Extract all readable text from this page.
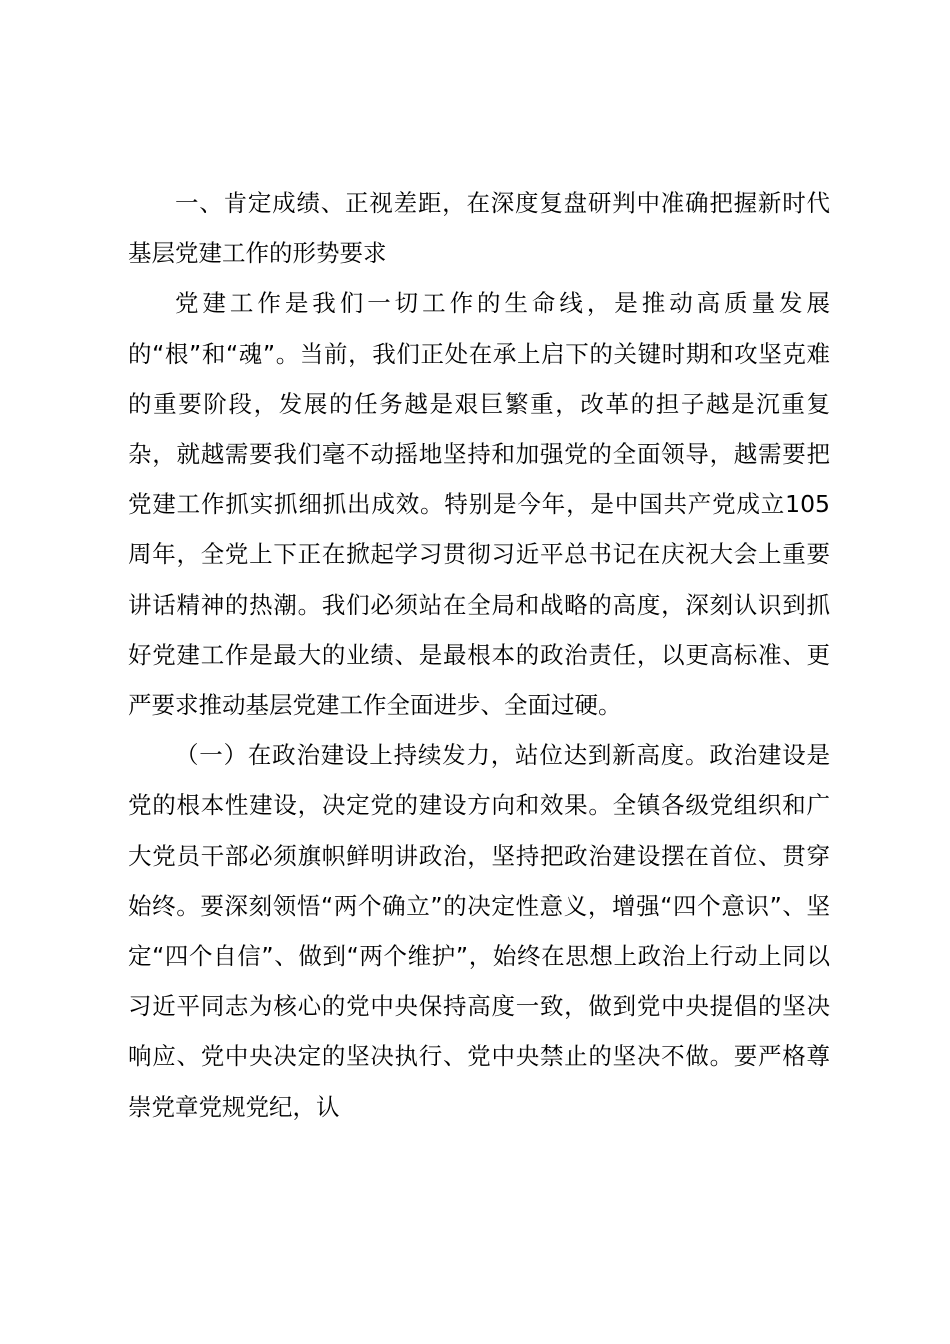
一、肯定成绩、正视差距，在深度复盘研判中准确把握新时代基层党建工作的形势要求

党建工作是我们一切工作的生命线，是推动高质量发展的“根”和“魂”。当前，我们正处在承上启下的关键时期和攻坚克难的重要阶段，发展的任务越是艰巨繁重，改革的担子越是沉重复杂，就越需要我们毫不动摇地坚持和加强党的全面领导，越需要把党建工作抓实抓细抓出成效。特别是今年，是中国共产党成立105周年，全党上下正在掀起学习贯彻习近平总书记在庆祝大会上重要讲话精神的热潮。我们必须站在全局和战略的高度，深刻认识到抓好党建工作是最大的业绩、是最根本的政治责任，以更高标准、更严要求推动基层党建工作全面进步、全面过硬。

（一）在政治建设上持续发力，站位达到新高度。政治建设是党的根本性建设，决定党的建设方向和效果。全镇各级党组织和广大党员干部必须旗帜鲜明讲政治，坚持把政治建设摆在首位、贯穿始终。要深刻领悟“两个确立”的决定性意义，增强“四个意识”、坚定“四个自信”、做到“两个维护”，始终在思想上政治上行动上同以习近平同志为核心的党中央保持高度一致，做到党中央提倡的坚决响应、党中央决定的坚决执行、党中央禁止的坚决不做。要严格尊崇党章党规党纪，认
